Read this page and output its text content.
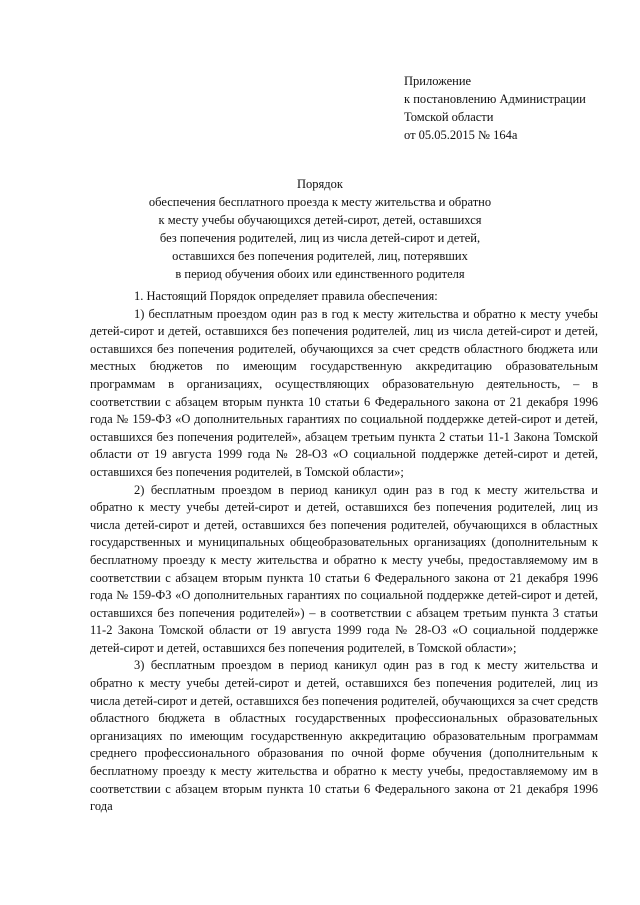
Приложение
к постановлению Администрации
Томской области
от 05.05.2015 № 164а
Порядок
обеспечения бесплатного проезда к месту жительства и обратно
к месту учебы обучающихся детей-сирот, детей, оставшихся
без попечения родителей, лиц из числа детей-сирот и детей,
оставшихся без попечения родителей, лиц, потерявших
в период обучения обоих или единственного родителя

1. Настоящий Порядок определяет правила обеспечения:

1) бесплатным проездом один раз в год к месту жительства и обратно к месту учебы детей-сирот и детей, оставшихся без попечения родителей, лиц из числа детей-сирот и детей, оставшихся без попечения родителей, обучающихся за счет средств областного бюджета или местных бюджетов по имеющим государственную аккредитацию образовательным программам в организациях, осуществляющих образовательную деятельность, – в соответствии с абзацем вторым пункта 10 статьи 6 Федерального закона от 21 декабря 1996 года № 159-ФЗ «О дополнительных гарантиях по социальной поддержке детей-сирот и детей, оставшихся без попечения родителей», абзацем третьим пункта 2 статьи 11-1 Закона Томской области от 19 августа 1999 года № 28-ОЗ «О социальной поддержке детей-сирот и детей, оставшихся без попечения родителей, в Томской области»;

2) бесплатным проездом в период каникул один раз в год к месту жительства и обратно к месту учебы детей-сирот и детей, оставшихся без попечения родителей, лиц из числа детей-сирот и детей, оставшихся без попечения родителей, обучающихся в областных государственных и муниципальных общеобразовательных организациях (дополнительным к бесплатному проезду к месту жительства и обратно к месту учебы, предоставляемому им в соответствии с абзацем вторым пункта 10 статьи 6 Федерального закона от 21 декабря 1996 года № 159-ФЗ «О дополнительных гарантиях по социальной поддержке детей-сирот и детей, оставшихся без попечения родителей») – в соответствии с абзацем третьим пункта 3 статьи 11-2 Закона Томской области от 19 августа 1999 года № 28-ОЗ «О социальной поддержке детей-сирот и детей, оставшихся без попечения родителей, в Томской области»;

3) бесплатным проездом в период каникул один раз в год к месту жительства и обратно к месту учебы детей-сирот и детей, оставшихся без попечения родителей, лиц из числа детей-сирот и детей, оставшихся без попечения родителей, обучающихся за счет средств областного бюджета в областных государственных профессиональных образовательных организациях по имеющим государственную аккредитацию образовательным программам среднего профессионального образования по очной форме обучения (дополнительным к бесплатному проезду к месту жительства и обратно к месту учебы, предоставляемому им в соответствии с абзацем вторым пункта 10 статьи 6 Федерального закона от 21 декабря 1996 года
